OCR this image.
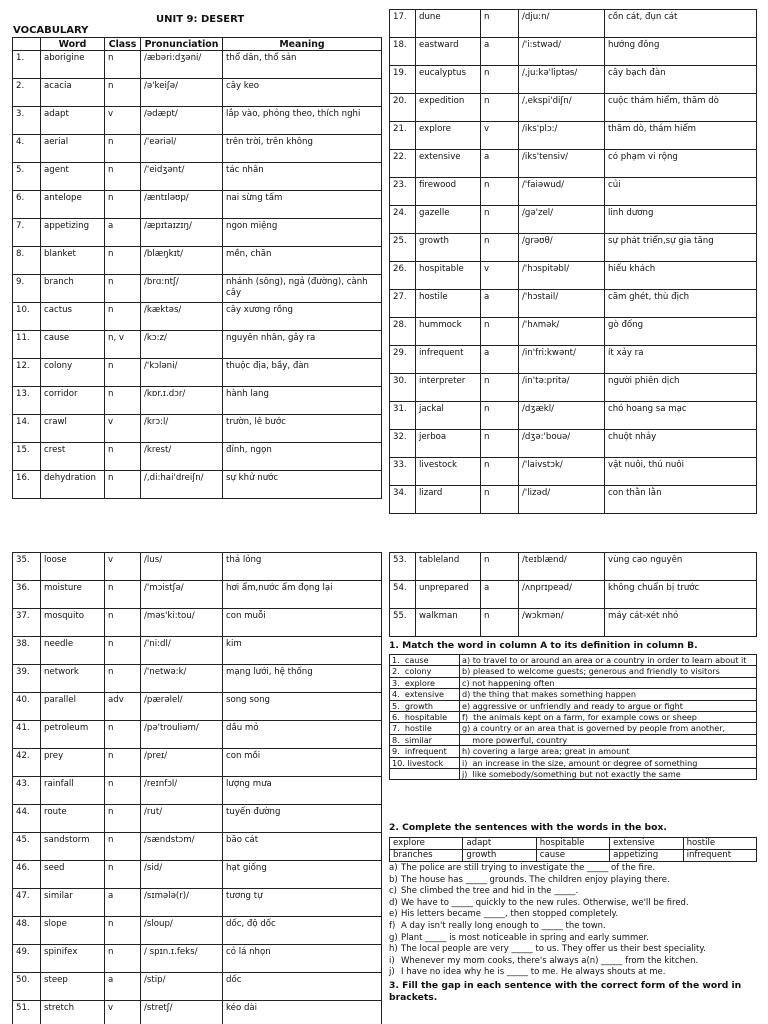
UNIT 9: DESERT
VOCABULARY
	Word	Class	Pronunciation	Meaning
1.	aborigine	n	/æbəri:dʒəni/	thổ dân, thổ sản
2.	acacia	n	/ə'keiʃə/	cây keo
3.	adapt	v	/ədæpt/	lắp vào, phỏng theo, thích nghi
4.	aerial	n	/'eəriəl/	trên trời, trên không
5.	agent	n	/'eidʒənt/	tác nhân
6.	antelope	n	/æntɪləʊp/	nai sừng tấm
7.	appetizing	a	/æpɪtaɪzɪŋ/	ngon miệng
8.	blanket	n	/blæŋkɪt/	mền, chăn
9.	branch	n	/brɑ:ntʃ/	nhánh (sông), ngả (đường), cành cây
10.	cactus	n	/kæktəs/	cây xương rồng
11.	cause	n, v	/kɔ:z/	nguyên nhân, gây ra
12.	colony	n	/'kɔləni/	thuộc địa, bầy, đàn
13.	corridor	n	/kɒr.ɪ.dɔr/	hành lang
14.	crawl	v	/krɔ:l/	trườn, lê bước
15.	crest	n	/krest/	đỉnh, ngọn
16.	dehydration	n	/,di:hai'dreiʃn/	sự khử nước
17.	dune	n	/dju:n/	cồn cát, đụn cát
18.	eastward	a	/'i:stwəd/	hướng đông
19.	eucalyptus	n	/,ju:kə'liptəs/	cây bạch đàn
20.	expedition	n	/,ekspi'diʃn/	cuộc thám hiểm, thăm dò
21.	explore	v	/iks'plɔ:/	thăm dò, thám hiểm
22.	extensive	a	/iks'tensiv/	có phạm vi rộng
23.	firewood	n	/'faiəwud/	củi
24.	gazelle	n	/gə'zel/	linh dương
25.	growth	n	/grəʊθ/	sự phát triển,sự gia tăng
26.	hospitable	v	/'hɔspitəbl/	hiếu khách
27.	hostile	a	/'hɔstail/	căm ghét, thù địch
28.	hummock	n	/'hʌmək/	gò đống
29.	infrequent	a	/in'fri:kwənt/	ít xảy ra
30.	interpreter	n	/in'tə:pritə/	người phiên dịch
31.	jackal	n	/dʒækl/	chó hoang sa mạc
32.	jerboa	n	/dʒə:'bouə/	chuột nhảy
33.	livestock	n	/'laivstɔk/	vật nuôi, thú nuôi
34.	lizard	n	/'lizəd/	con thằn lằn
35.	loose	v	/lus/	thả lỏng
36.	moisture	n	/'mɔistʃə/	hơi ẩm,nước ẩm đọng lại
37.	mosquito	n	/məs'ki:tou/	con muỗi
38.	needle	n	/'ni:dl/	kim
39.	network	n	/'netwə:k/	mạng lưới, hệ thống
40.	parallel	adv	/pærəlel/	song song
41.	petroleum	n	/pə'trouliəm/	dầu mỏ
42.	prey	n	/preɪ/	con mồi
43.	rainfall	n	/reɪnfɔl/	lượng mưa
44.	route	n	/rut/	tuyến đường
45.	sandstorm	n	/sændstɔm/	bão cát
46.	seed	n	/sid/	hạt giống
47.	similar	a	/sɪmələ(r)/	tương tự
48.	slope	n	/sloup/	dốc, độ dốc
49.	spinifex	n	/ spɪn.ɪ.feks/	cỏ lá nhọn
50.	steep	a	/stip/	dốc
51.	stretch	v	/stretʃ/	kéo dài
53.	tableland	n	/teɪblænd/	vùng cao nguyên
54.	unprepared	a	/ʌnprɪpeəd/	không chuẩn bị trước
55.	walkman	n	/wɔkmən/	máy cát-xét nhỏ
1. Match the word in column A to its definition in column B.
1.  cause	a) to travel to or around an area or a country in order to learn about it
2.  colony	b) pleased to welcome guests; generous and friendly to visitors
3.  explore	c) not happening often
4.  extensive	d) the thing that makes something happen
5.  growth	e) aggressive or unfriendly and ready to argue or fight
6.  hospitable	f)  the animals kept on a farm, for example cows or sheep
7.  hostile	g) a country or an area that is governed by people from another,
8.  similar	more powerful, country
9.  infrequent	h) covering a large area; great in amount
10. livestock	i)  an increase in the size, amount or degree of something
	j)  like somebody/something but not exactly the same
2. Complete the sentences with the words in the box.
explore	adapt	hospitable	extensive	hostile
branches	growth	cause	appetizing	infrequent
a) The police are still trying to investigate the _____ of the fire.
b) The house has _____ grounds. The children enjoy playing there.
c) She climbed the tree and hid in the _____.
d) We have to _____ quickly to the new rules. Otherwise, we'll be fired.
e) His letters became _____, then stopped completely.
f) A day isn't really long enough to _____ the town.
g) Plant _____ is most noticeable in spring and early summer.
h) The local people are very _____ to us. They offer us their best speciality.
i) Whenever my mom cooks, there's always a(n) _____ from the kitchen.
j) I have no idea why he is _____ to me. He always shouts at me.
3. Fill the gap in each sentence with the correct form of the word in
brackets.
